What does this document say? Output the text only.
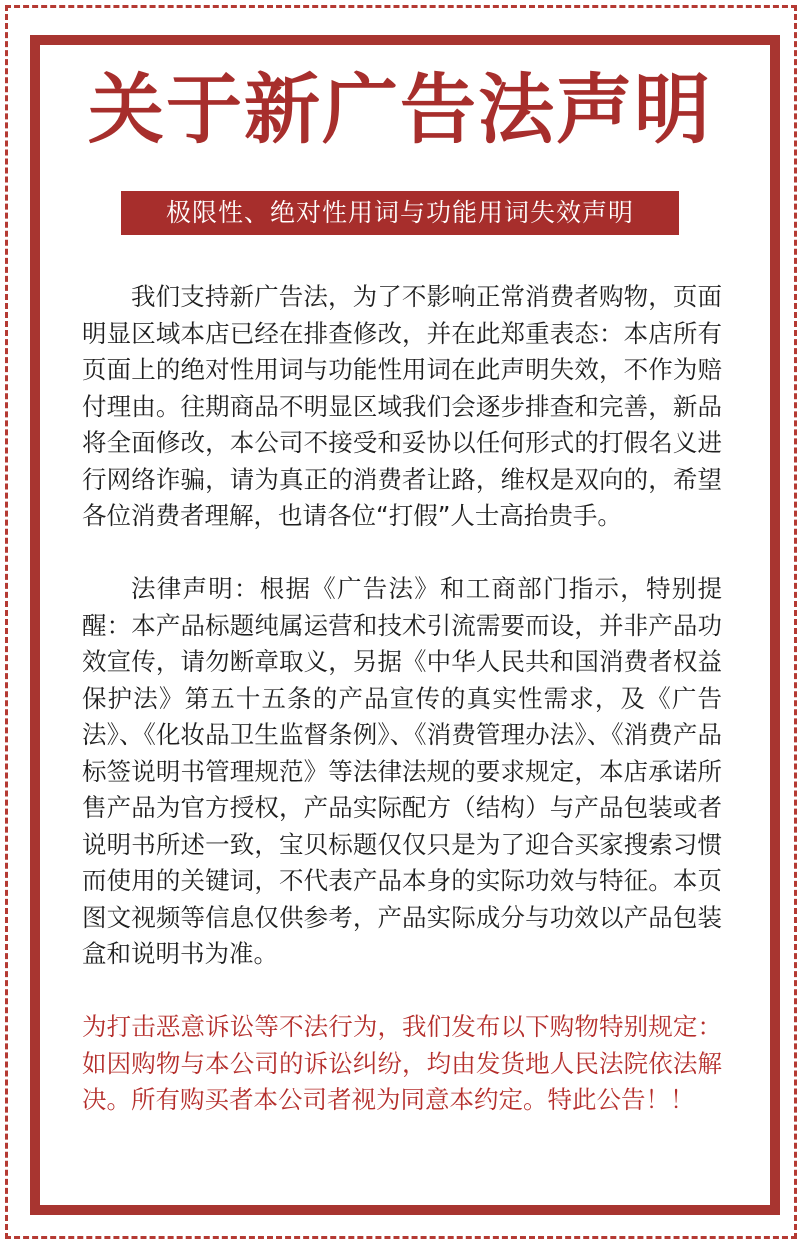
关于新广告法声明
极限性、绝对性用词与功能用词失效声明

我们支持新广告法，为了不影响正常消费者购物，页面明显区域本店已经在排查修改，并在此郑重表态：本店所有页面上的绝对性用词与功能性用词在此声明失效，不作为赔付理由。往期商品不明显区域我们会逐步排查和完善，新品将全面修改，本公司不接受和妥协以任何形式的打假名义进行网络诈骗，请为真正的消费者让路，维权是双向的，希望各位消费者理解，也请各位“打假”人士高抬贵手。

法律声明：根据《广告法》和工商部门指示，特别提醒：本产品标题纯属运营和技术引流需要而设，并非产品功效宣传，请勿断章取义，另据《中华人民共和国消费者权益保护法》第五十五条的产品宣传的真实性需求，及《广告法》、《化妆品卫生监督条例》、《消费管理办法》、《消费产品标签说明书管理规范》等法律法规的要求规定，本店承诺所售产品为官方授权，产品实际配方（结构）与产品包装或者说明书所述一致，宝贝标题仅仅只是为了迎合买家搜索习惯而使用的关键词，不代表产品本身的实际功效与特征。本页图文视频等信息仅供参考，产品实际成分与功效以产品包装盒和说明书为准。

为打击恶意诉讼等不法行为，我们发布以下购物特别规定：如因购物与本公司的诉讼纠纷，均由发货地人民法院依法解决。所有购买者本公司者视为同意本约定。特此公告！！
